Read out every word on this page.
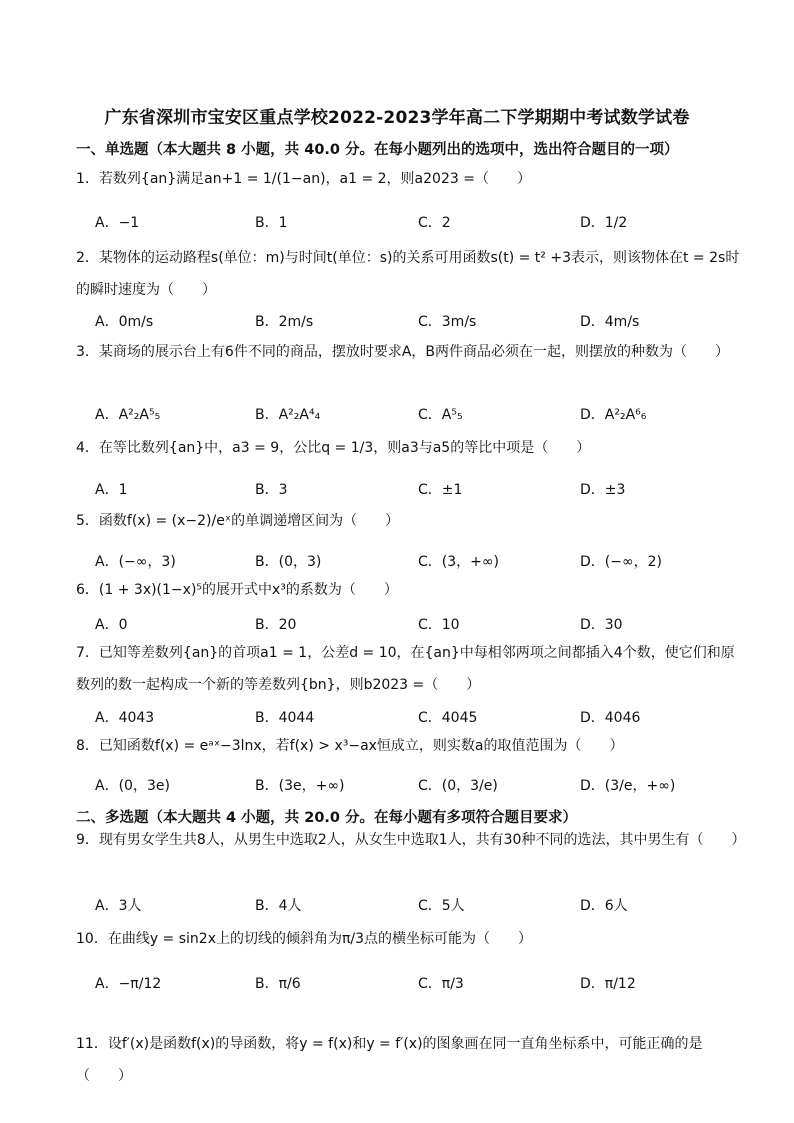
广东省深圳市宝安区重点学校2022-2023学年高二下学期期中考试数学试卷
一、单选题（本大题共 8 小题，共 40.0 分。在每小题列出的选项中，选出符合题目的一项）
1．若数列{an}满足an+1 = 1/(1−an)，a1 = 2，则a2023 =（　　）
A．−1	B．1	C．2	D．1/2
2．某物体的运动路程s(单位：m)与时间t(单位：s)的关系可用函数s(t) = t² +3表示，则该物体在t = 2s时的瞬时速度为（　　）
A．0m/s	B．2m/s	C．3m/s	D．4m/s
3．某商场的展示台上有6件不同的商品，摆放时要求A，B两件商品必须在一起，则摆放的种数为（　　）
A．A²₂A⁵₅	B．A²₂A⁴₄	C．A⁵₅	D．A²₂A⁶₆
4．在等比数列{an}中，a3 = 9，公比q = 1/3，则a3与a5的等比中项是（　　）
A．1	B．3	C．±1	D．±3
5．函数f(x) = (x−2)/eˣ的单调递增区间为（　　）
A．(−∞，3)	B．(0，3)	C．(3，+∞)	D．(−∞，2)
6．(1 + 3x)(1−x)⁵的展开式中x³的系数为（　　）
A．0	B．20	C．10	D．30
7．已知等差数列{an}的首项a1 = 1，公差d = 10，在{an}中每相邻两项之间都插入4个数，使它们和原数列的数一起构成一个新的等差数列{bn}，则b2023 =（　　）
A．4043	B．4044	C．4045	D．4046
8．已知函数f(x) = eᵃˣ−3lnx，若f(x) > x³−ax恒成立，则实数a的取值范围为（　　）
A．(0，3e)	B．(3e，+∞)	C．(0，3/e)	D．(3/e，+∞)
二、多选题（本大题共 4 小题，共 20.0 分。在每小题有多项符合题目要求）
9．现有男女学生共8人，从男生中选取2人，从女生中选取1人，共有30种不同的选法，其中男生有（　　）
A．3人	B．4人	C．5人	D．6人
10．在曲线y = sin2x上的切线的倾斜角为π/3点的横坐标可能为（　　）
A．−π/12	B．π/6	C．π/3	D．π/12
11．设f′(x)是函数f(x)的导函数，将y = f(x)和y = f′(x)的图象画在同一直角坐标系中，可能正确的是（　　）
